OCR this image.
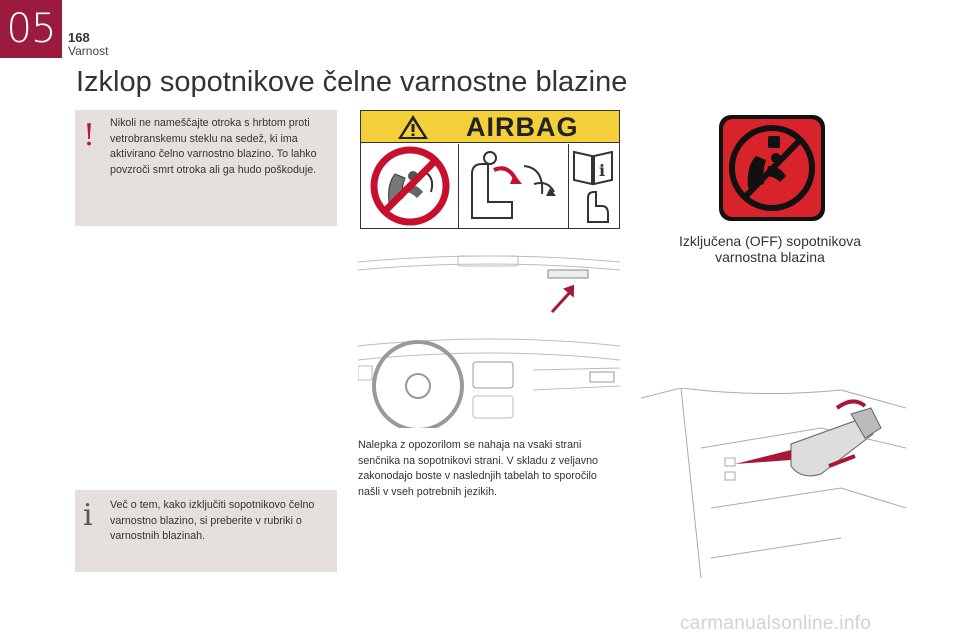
05 168
Varnost
Izklop sopotnikove čelne varnostne blazine
! Nikoli ne nameščajte otroka s hrbtom proti vetrobranskemu steklu na sedež, ki ima aktivirano čelno varnostno blazino. To lahko povzroči smrt otroka ali ga hudo poškoduje.
i Več o tem, kako izključiti sopotnikovo čelno varnostno blazino, si preberite v rubriki o varnostnih blazinah.
AIRBAG
i
Nalepka z opozorilom se nahaja na vsaki strani senčnika na sopotnikovi strani. V skladu z veljavno zakonodajo boste v naslednjih tabelah to sporočilo našli v vseh potrebnih jezikih.
Izključena (OFF) sopotnikova varnostna blazina
carmanualsonline.info
